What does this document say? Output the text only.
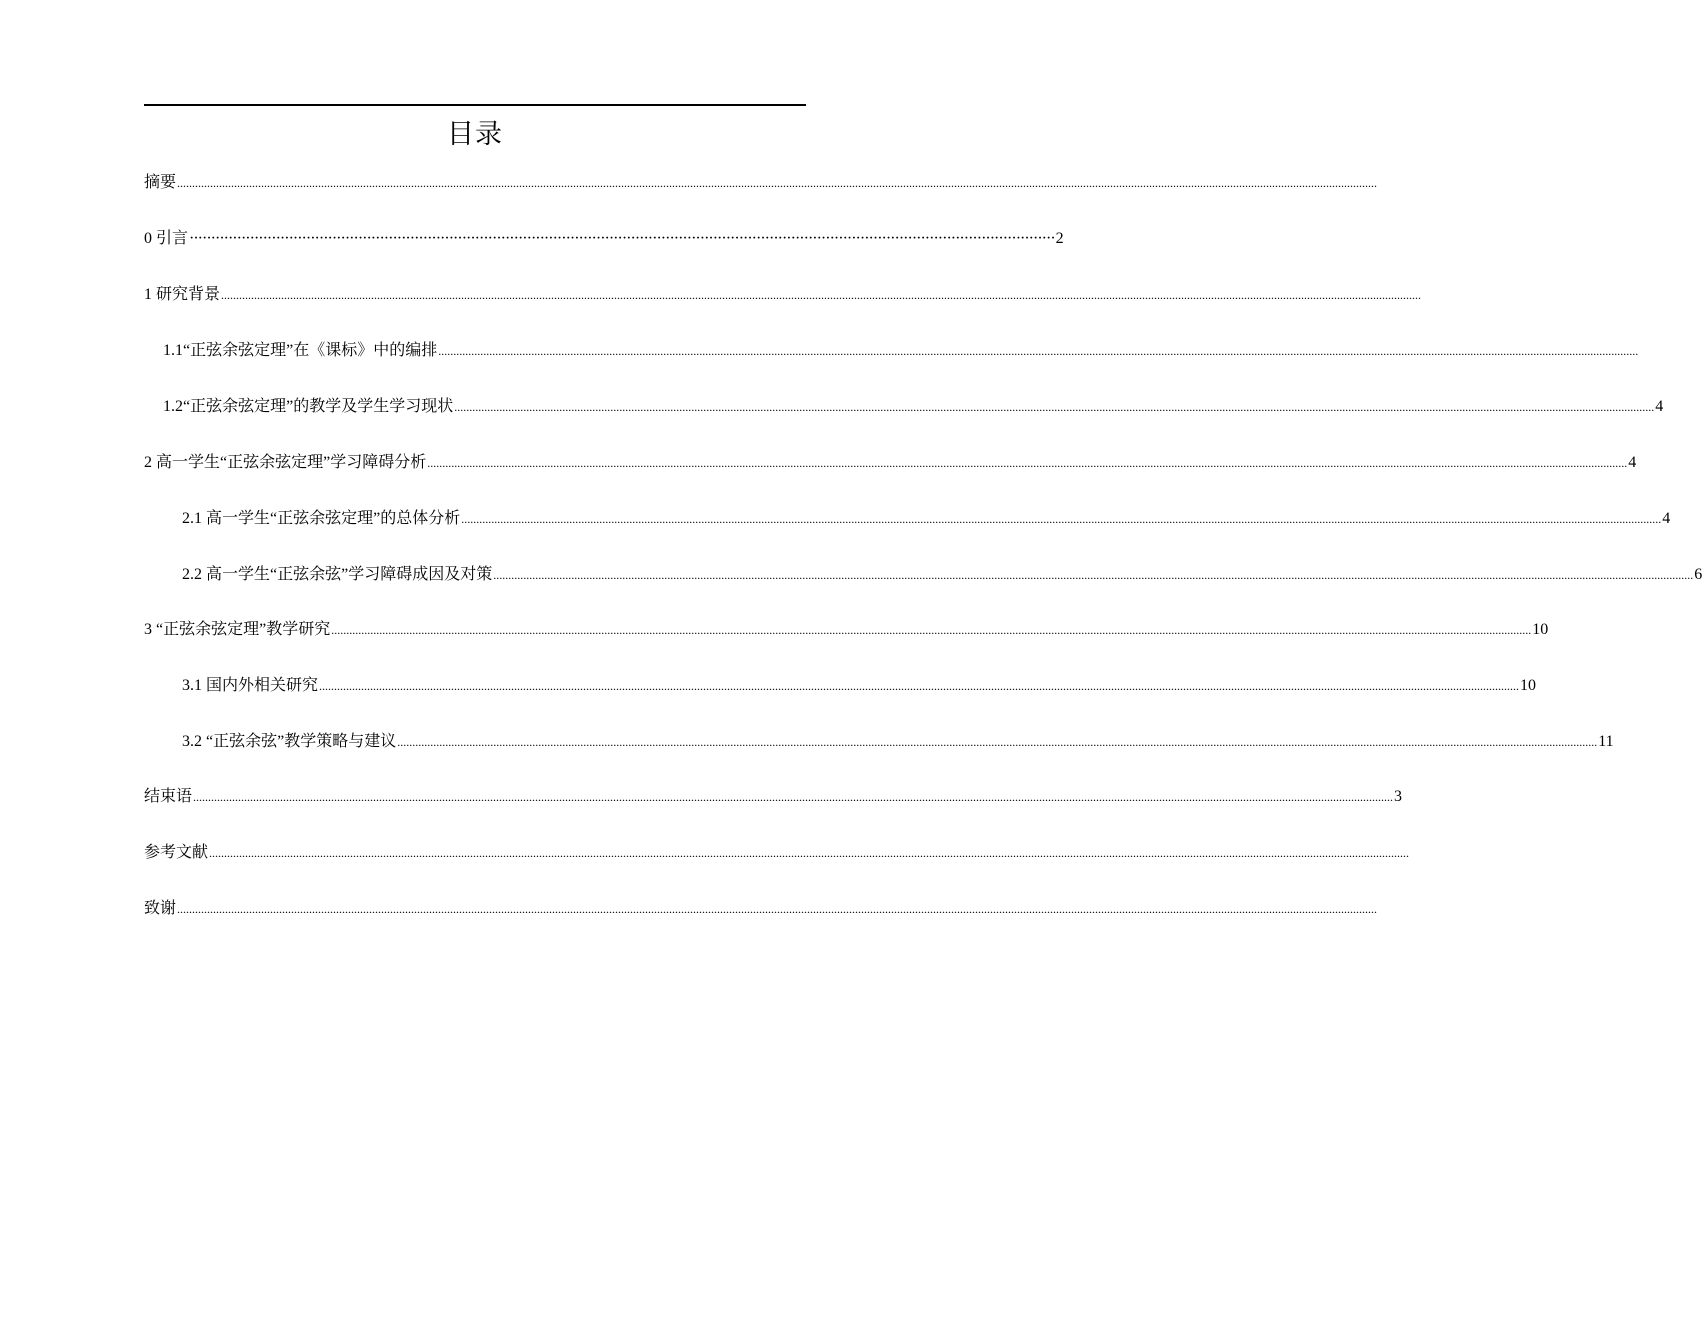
目录
摘要 ................................................................................................................................................................................................................................................................................................................................................................................................................
0 引言 ········································································································································································································ 2
1 研究背景 ................................................................................................................................................................................................................................................................................................................................................................................................................
1.1“正弦余弦定理”在《课标》中的编排 ................................................................................................................................................................................................................................................................................................................................................................................................................
1.2“正弦余弦定理”的教学及学生学习现状 ................................................................................................................................................................................................................................................................................................................................................................................................................ 4
2 高一学生“正弦余弦定理”学习障碍分析 ................................................................................................................................................................................................................................................................................................................................................................................................................ 4
2.1 高一学生“正弦余弦定理”的总体分析 ................................................................................................................................................................................................................................................................................................................................................................................................................ 4
2.2 高一学生“正弦余弦”学习障碍成因及对策 ................................................................................................................................................................................................................................................................................................................................................................................................................ 6
3 “正弦余弦定理”教学研究 ................................................................................................................................................................................................................................................................................................................................................................................................................ 10
3.1 国内外相关研究 ................................................................................................................................................................................................................................................................................................................................................................................................................ 10
3.2 “正弦余弦”教学策略与建议 ................................................................................................................................................................................................................................................................................................................................................................................................................ 11
结束语 ................................................................................................................................................................................................................................................................................................................................................................................................................ 3
参考文献 ................................................................................................................................................................................................................................................................................................................................................................................................................
致谢 ................................................................................................................................................................................................................................................................................................................................................................................................................
